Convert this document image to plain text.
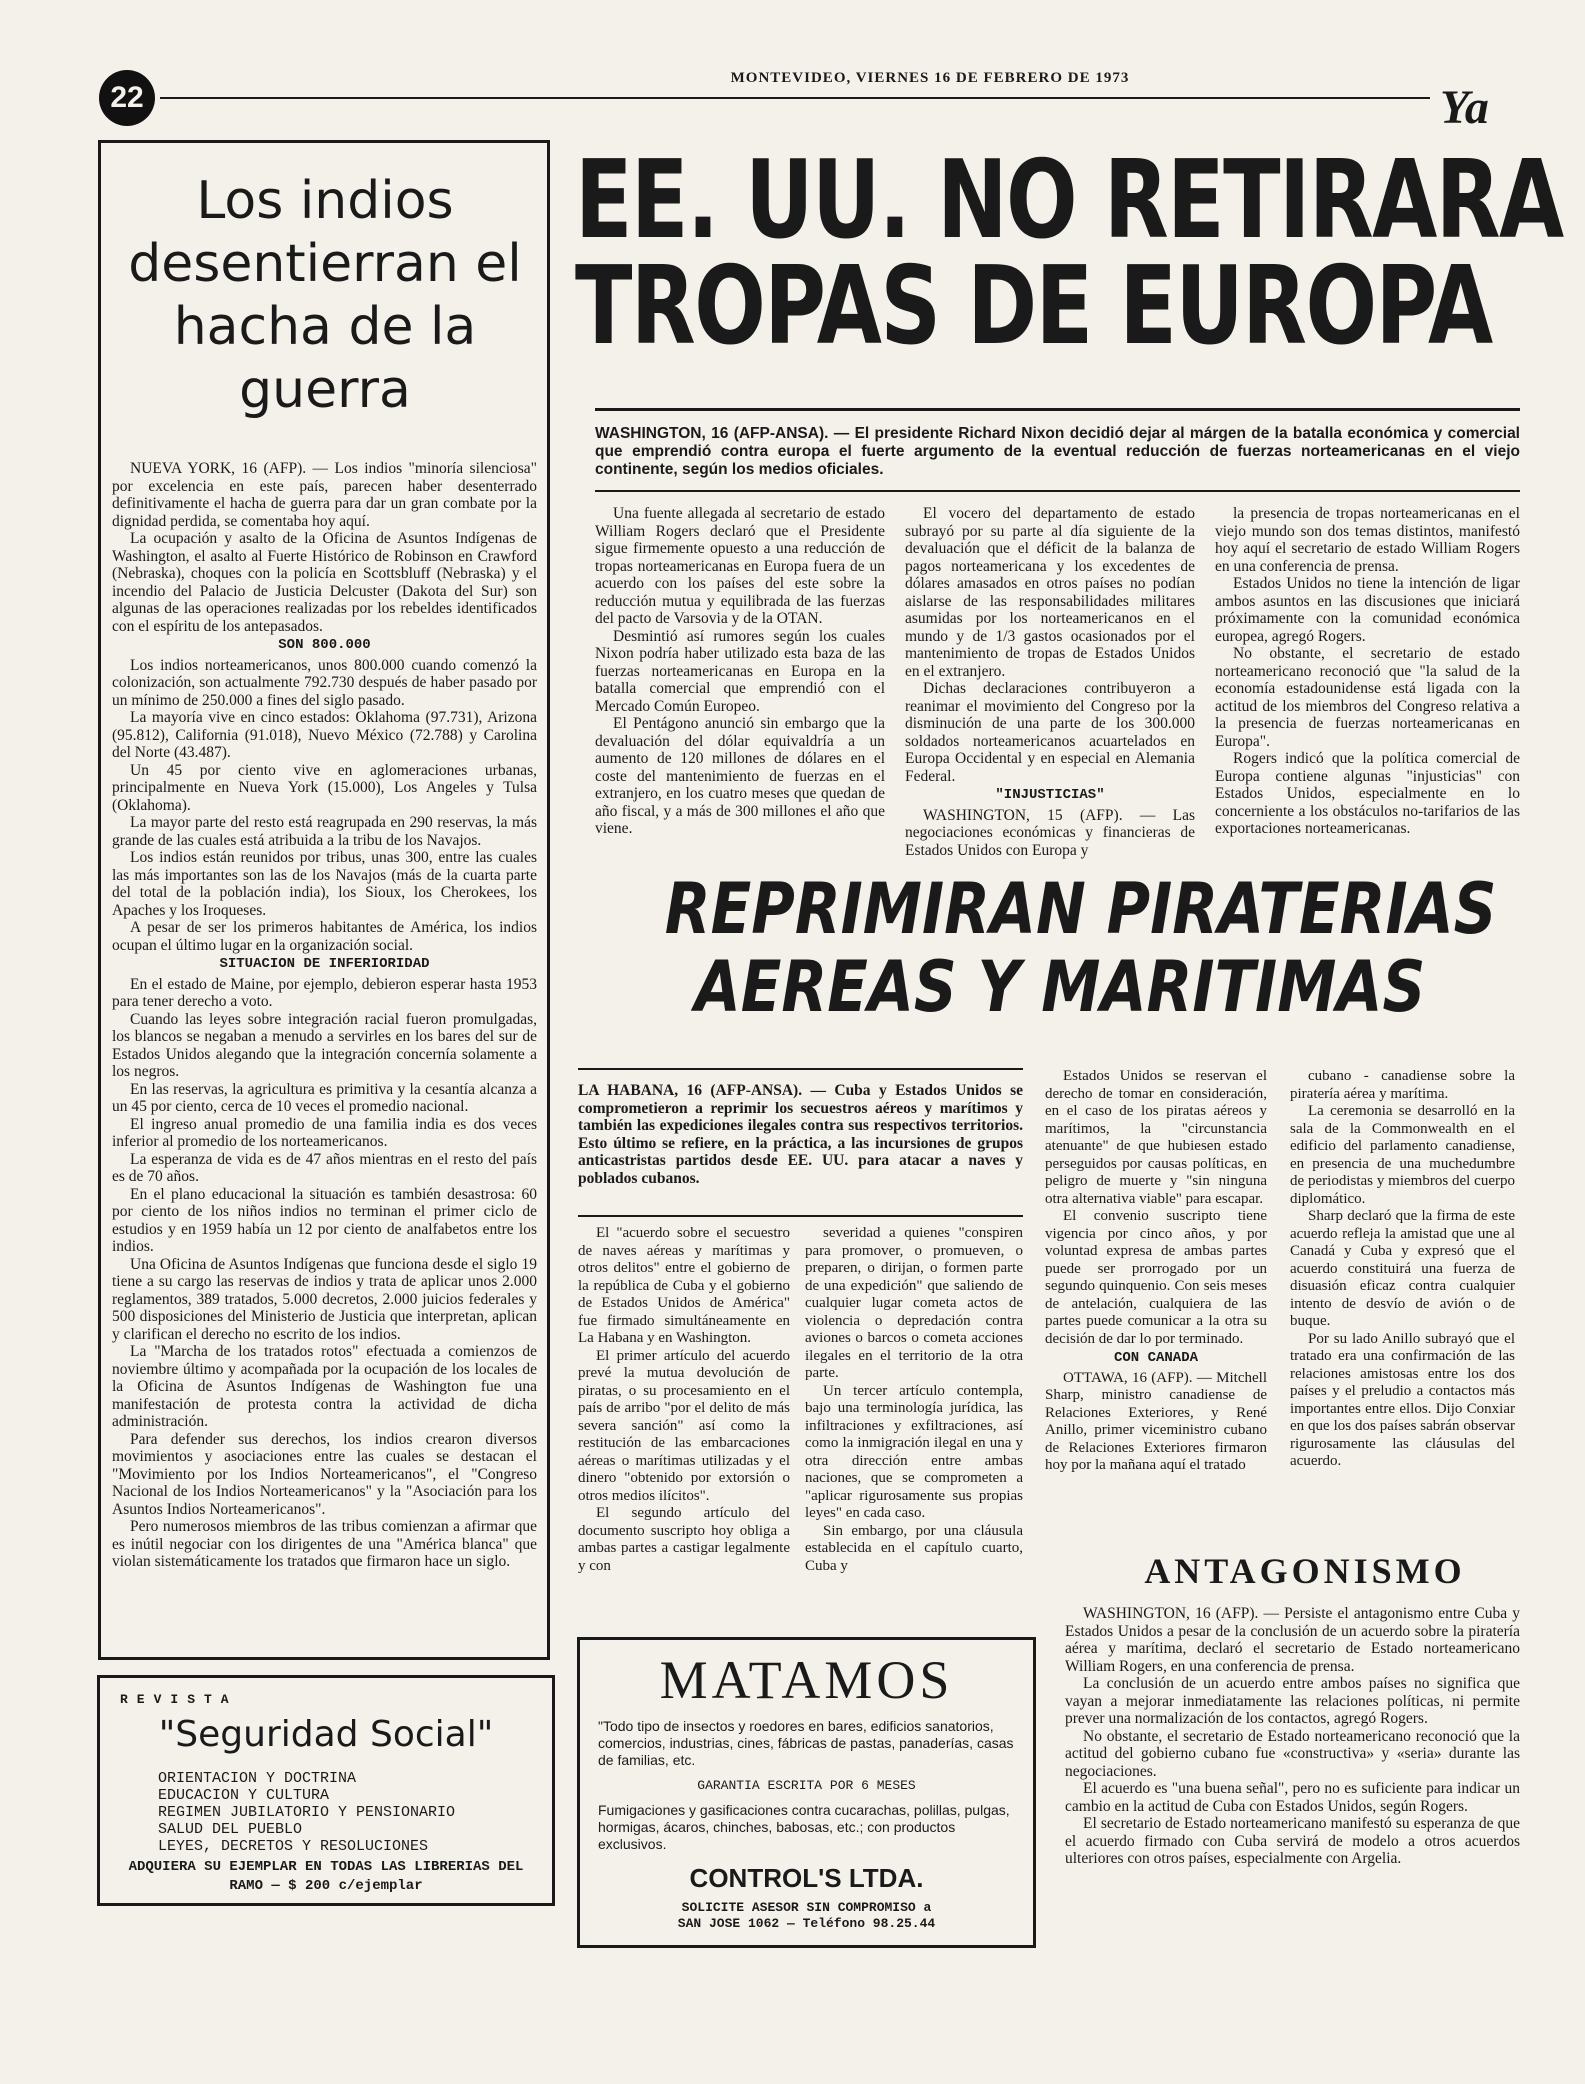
22
MONTEVIDEO, VIERNES 16 DE FEBRERO DE 1973
Ya
Los indios desentierran el hacha de la guerra

NUEVA YORK, 16 (AFP). — Los indios "minoría silenciosa" por excelencia en este país, parecen haber desenterrado definitivamente el hacha de guerra para dar un gran combate por la dignidad perdida, se comentaba hoy aquí.

La ocupación y asalto de la Oficina de Asuntos Indígenas de Washington, el asalto al Fuerte Histórico de Robinson en Crawford (Nebraska), choques con la policía en Scottsbluff (Nebraska) y el incendio del Palacio de Justicia Delcuster (Dakota del Sur) son algunas de las operaciones realizadas por los rebeldes identificados con el espíritu de los antepasados.

SON 800.000

Los indios norteamericanos, unos 800.000 cuando comenzó la colonización, son actualmente 792.730 después de haber pasado por un mínimo de 250.000 a fines del siglo pasado.

La mayoría vive en cinco estados: Oklahoma (97.731), Arizona (95.812), California (91.018), Nuevo México (72.788) y Carolina del Norte (43.487).

Un 45 por ciento vive en aglomeraciones urbanas, principalmente en Nueva York (15.000), Los Angeles y Tulsa (Oklahoma).

La mayor parte del resto está reagrupada en 290 reservas, la más grande de las cuales está atribuida a la tribu de los Navajos.

Los indios están reunidos por tribus, unas 300, entre las cuales las más importantes son las de los Navajos (más de la cuarta parte del total de la población india), los Sioux, los Cherokees, los Apaches y los Iroqueses.

A pesar de ser los primeros habitantes de América, los indios ocupan el último lugar en la organización social.

SITUACION DE INFERIORIDAD

En el estado de Maine, por ejemplo, debieron esperar hasta 1953 para tener derecho a voto.

Cuando las leyes sobre integración racial fueron promulgadas, los blancos se negaban a menudo a servirles en los bares del sur de Estados Unidos alegando que la integración concernía solamente a los negros.

En las reservas, la agricultura es primitiva y la cesantía alcanza a un 45 por ciento, cerca de 10 veces el promedio nacional.

El ingreso anual promedio de una familia india es dos veces inferior al promedio de los norteamericanos.

La esperanza de vida es de 47 años mientras en el resto del país es de 70 años.

En el plano educacional la situación es también desastrosa: 60 por ciento de los niños indios no terminan el primer ciclo de estudios y en 1959 había un 12 por ciento de analfabetos entre los indios.

Una Oficina de Asuntos Indígenas que funciona desde el siglo 19 tiene a su cargo las reservas de indios y trata de aplicar unos 2.000 reglamentos, 389 tratados, 5.000 decretos, 2.000 juicios federales y 500 disposiciones del Ministerio de Justicia que interpretan, aplican y clarifican el derecho no escrito de los indios.

La "Marcha de los tratados rotos" efectuada a comienzos de noviembre último y acompañada por la ocupación de los locales de la Oficina de Asuntos Indígenas de Washington fue una manifestación de protesta contra la actividad de dicha administración.

Para defender sus derechos, los indios crearon diversos movimientos y asociaciones entre las cuales se destacan el "Movimiento por los Indios Norteamericanos", el "Congreso Nacional de los Indios Norteamericanos" y la "Asociación para los Asuntos Indios Norteamericanos".

Pero numerosos miembros de las tribus comienzan a afirmar que es inútil negociar con los dirigentes de una "América blanca" que violan sistemáticamente los tratados que firmaron hace un siglo.

EE. UU. NO RETIRARA
TROPAS DE EUROPA
WASHINGTON, 16 (AFP-ANSA). — El presidente Richard Nixon decidió dejar al márgen de la batalla económica y comercial que emprendió contra europa el fuerte argumento de la eventual reducción de fuerzas norteamericanas en el viejo continente, según los medios oficiales.

Una fuente allegada al secretario de estado William Rogers declaró que el Presidente sigue firmemente opuesto a una reducción de tropas norteamericanas en Europa fuera de un acuerdo con los países del este sobre la reducción mutua y equilibrada de las fuerzas del pacto de Varsovia y de la OTAN.

Desmintió así rumores según los cuales Nixon podría haber utilizado esta baza de las fuerzas norteamericanas en Europa en la batalla comercial que emprendió con el Mercado Común Europeo.

El Pentágono anunció sin embargo que la devaluación del dólar equivaldría a un aumento de 120 millones de dólares en el coste del mantenimiento de fuerzas en el extranjero, en los cuatro meses que quedan de año fiscal, y a más de 300 millones el año que viene.

El vocero del departamento de estado subrayó por su parte al día siguiente de la devaluación que el déficit de la balanza de pagos norteamericana y los excedentes de dólares amasados en otros países no podían aislarse de las responsabilidades militares asumidas por los norteamericanos en el mundo y de 1/3 gastos ocasionados por el mantenimiento de tropas de Estados Unidos en el extranjero.

Dichas declaraciones contribuyeron a reanimar el movimiento del Congreso por la disminución de una parte de los 300.000 soldados norteamericanos acuartelados en Europa Occidental y en especial en Alemania Federal.

"INJUSTICIAS"

WASHINGTON, 15 (AFP). — Las negociaciones económicas y financieras de Estados Unidos con Europa y

la presencia de tropas norteamericanas en el viejo mundo son dos temas distintos, manifestó hoy aquí el secretario de estado William Rogers en una conferencia de prensa.

Estados Unidos no tiene la intención de ligar ambos asuntos en las discusiones que iniciará próximamente con la comunidad económica europea, agregó Rogers.

No obstante, el secretario de estado norteamericano reconoció que "la salud de la economía estadounidense está ligada con la actitud de los miembros del Congreso relativa a la presencia de fuerzas norteamericanas en Europa".

Rogers indicó que la política comercial de Europa contiene algunas "injusticias" con Estados Unidos, especialmente en lo concerniente a los obstáculos no-tarifarios de las exportaciones norteamericanas.

REPRIMIRAN PIRATERIAS
AEREAS Y MARITIMAS
LA HABANA, 16 (AFP-ANSA). — Cuba y Estados Unidos se comprometieron a reprimir los secuestros aéreos y marítimos y también las expediciones ilegales contra sus respectivos territorios. Esto último se refiere, en la práctica, a las incursiones de grupos anticastristas partidos desde EE. UU. para atacar a naves y poblados cubanos.

El "acuerdo sobre el secuestro de naves aéreas y marítimas y otros delitos" entre el gobierno de la república de Cuba y el gobierno de Estados Unidos de América" fue firmado simultáneamente en La Habana y en Washington.

El primer artículo del acuerdo prevé la mutua devolución de piratas, o su procesamiento en el país de arribo "por el delito de más severa sanción" así como la restitución de las embarcaciones aéreas o marítimas utilizadas y el dinero "obtenido por extorsión o otros medios ilícitos".

El segundo artículo del documento suscripto hoy obliga a ambas partes a castigar legalmente y con

severidad a quienes "conspiren para promover, o promueven, o preparen, o dirijan, o formen parte de una expedición" que saliendo de cualquier lugar cometa actos de violencia o depredación contra aviones o barcos o cometa acciones ilegales en el territorio de la otra parte.

Un tercer artículo contempla, bajo una terminología jurídica, las infiltraciones y exfiltraciones, así como la inmigración ilegal en una y otra dirección entre ambas naciones, que se comprometen a "aplicar rigurosamente sus propias leyes" en cada caso.

Sin embargo, por una cláusula establecida en el capítulo cuarto, Cuba y

Estados Unidos se reservan el derecho de tomar en consideración, en el caso de los piratas aéreos y marítimos, la "circunstancia atenuante" de que hubiesen estado perseguidos por causas políticas, en peligro de muerte y "sin ninguna otra alternativa viable" para escapar.

El convenio suscripto tiene vigencia por cinco años, y por voluntad expresa de ambas partes puede ser prorrogado por un segundo quinquenio. Con seis meses de antelación, cualquiera de las partes puede comunicar a la otra su decisión de dar lo por terminado.

CON CANADA

OTTAWA, 16 (AFP). — Mitchell Sharp, ministro canadiense de Relaciones Exteriores, y René Anillo, primer viceministro cubano de Relaciones Exteriores firmaron hoy por la mañana aquí el tratado

cubano - canadiense sobre la piratería aérea y marítima.

La ceremonia se desarrolló en la sala de la Commonwealth en el edificio del parlamento canadiense, en presencia de una muchedumbre de periodistas y miembros del cuerpo diplomático.

Sharp declaró que la firma de este acuerdo refleja la amistad que une al Canadá y Cuba y expresó que el acuerdo constituirá una fuerza de disuasión eficaz contra cualquier intento de desvío de avión o de buque.

Por su lado Anillo subrayó que el tratado era una confirmación de las relaciones amistosas entre los dos países y el preludio a contactos más importantes entre ellos. Dijo Conxiar en que los dos países sabrán observar rigurosamente las cláusulas del acuerdo.

ANTAGONISMO

WASHINGTON, 16 (AFP). — Persiste el antagonismo entre Cuba y Estados Unidos a pesar de la conclusión de un acuerdo sobre la piratería aérea y marítima, declaró el secretario de Estado norteamericano William Rogers, en una conferencia de prensa.

La conclusión de un acuerdo entre ambos países no significa que vayan a mejorar inmediatamente las relaciones políticas, ni permite prever una normalización de los contactos, agregó Rogers.

No obstante, el secretario de Estado norteamericano reconoció que la actitud del gobierno cubano fue «constructiva» y «seria» durante las negociaciones.

El acuerdo es "una buena señal", pero no es suficiente para indicar un cambio en la actitud de Cuba con Estados Unidos, según Rogers.

El secretario de Estado norteamericano manifestó su esperanza de que el acuerdo firmado con Cuba servirá de modelo a otros acuerdos ulteriores con otros países, especialmente con Argelia.

REVISTA
"Seguridad Social"
ORIENTACION Y DOCTRINA
EDUCACION Y CULTURA
REGIMEN JUBILATORIO Y PENSIONARIO
SALUD DEL PUEBLO
LEYES, DECRETOS Y RESOLUCIONES
ADQUIERA SU EJEMPLAR EN TODAS LAS LIBRERIAS DEL RAMO — $ 200 c/ejemplar
MATAMOS
"Todo tipo de insectos y roedores en bares, edificios sanatorios, comercios, industrias, cines, fábricas de pastas, panaderías, casas de familias, etc.
GARANTIA ESCRITA POR 6 MESES
Fumigaciones y gasificaciones contra cucarachas, polillas, pulgas, hormigas, ácaros, chinches, babosas, etc.; con productos exclusivos.
CONTROL'S LTDA.
SOLICITE ASESOR SIN COMPROMISO a
SAN JOSE 1062 — Teléfono 98.25.44
